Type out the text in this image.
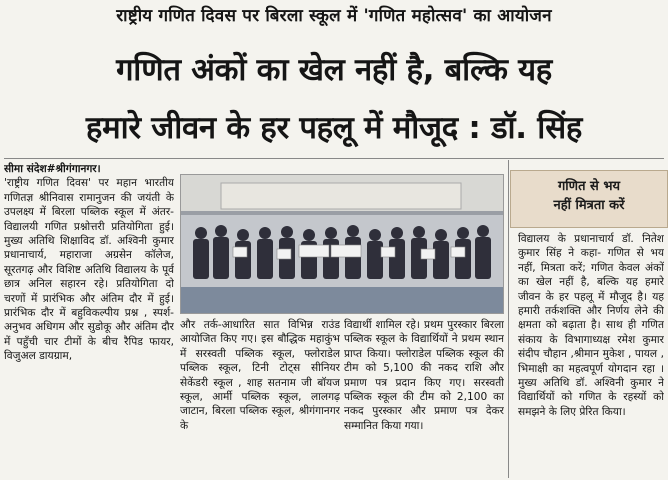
राष्ट्रीय गणित दिवस पर बिरला स्कूल में 'गणित महोत्सव' का आयोजन
गणित अंकों का खेल नहीं है, बल्कि यह
हमारे जीवन के हर पहलू में मौजूद : डॉ. सिंह
सीमा संदेश#श्रीगंगानगर।
'राष्ट्रीय गणित दिवस' पर महान भारतीय गणितज्ञ श्रीनिवास रामानुजन की जयंती के उपलक्ष्य में बिरला पब्लिक स्कूल में अंतर-विद्यालयी गणित प्रश्नोत्तरी प्रतियोगिता हुई। मुख्य अतिथि शिक्षाविद डॉ. अश्विनी कुमार प्रधानाचार्य, महाराजा अग्रसेन कॉलेज, सूरतगढ़ और विशिष्ट अतिथि विद्यालय के पूर्व छात्र अनिल सहारन रहे। प्रतियोगिता दो चरणों में प्रारंभिक और अंतिम दौर में हुई। प्रारंभिक दौर में बहुविकल्पीय प्रश्न , स्पर्श-अनुभव अधिगम और सुडोकू और अंतिम दौर में पहुँची चार टीमों के बीच रैपिड फायर, विजुअल डायग्राम,
गणित से भय
नहीं मित्रता करें
और तर्क-आधारित सात विभिन्न राउंड आयोजित किए गए। इस बौद्धिक महाकुंभ में सरस्वती पब्लिक स्कूल, फ्लोराडेल पब्लिक स्कूल, टिनी टोट्स सीनियर सेकेंडरी स्कूल , शाह सतनाम जी बॉयज स्कूल, आर्मी पब्लिक स्कूल, लालगढ़ जाटान, बिरला पब्लिक स्कूल, श्रीगंगानगर के
विद्यार्थी शामिल रहे। प्रथम पुरस्कार बिरला पब्लिक स्कूल के विद्यार्थियों ने प्रथम स्थान प्राप्त किया। फ्लोराडेल पब्लिक स्कूल की टीम को 5,100 की नकद राशि और प्रमाण पत्र प्रदान किए गए। सरस्वती पब्लिक स्कूल की टीम को 2,100 का नकद पुरस्कार और प्रमाण पत्र देकर सम्मानित किया गया।
विद्यालय के प्रधानाचार्य डॉ. नितेश कुमार सिंह ने कहा- गणित से भय नहीं, मित्रता करें; गणित केवल अंकों का खेल नहीं है, बल्कि यह हमारे जीवन के हर पहलू में मौजूद है। यह हमारी तर्कशक्ति और निर्णय लेने की क्षमता को बढ़ाता है। साथ ही गणित संकाय के विभागाध्यक्ष रमेश कुमार संदीप चौहान ,श्रीमान मुकेश , पायल , भिमाक्षी का महत्वपूर्ण योगदान रहा । मुख्य अतिथि डॉ. अश्विनी कुमार ने विद्यार्थियों को गणित के रहस्यों को समझने के लिए प्रेरित किया।
